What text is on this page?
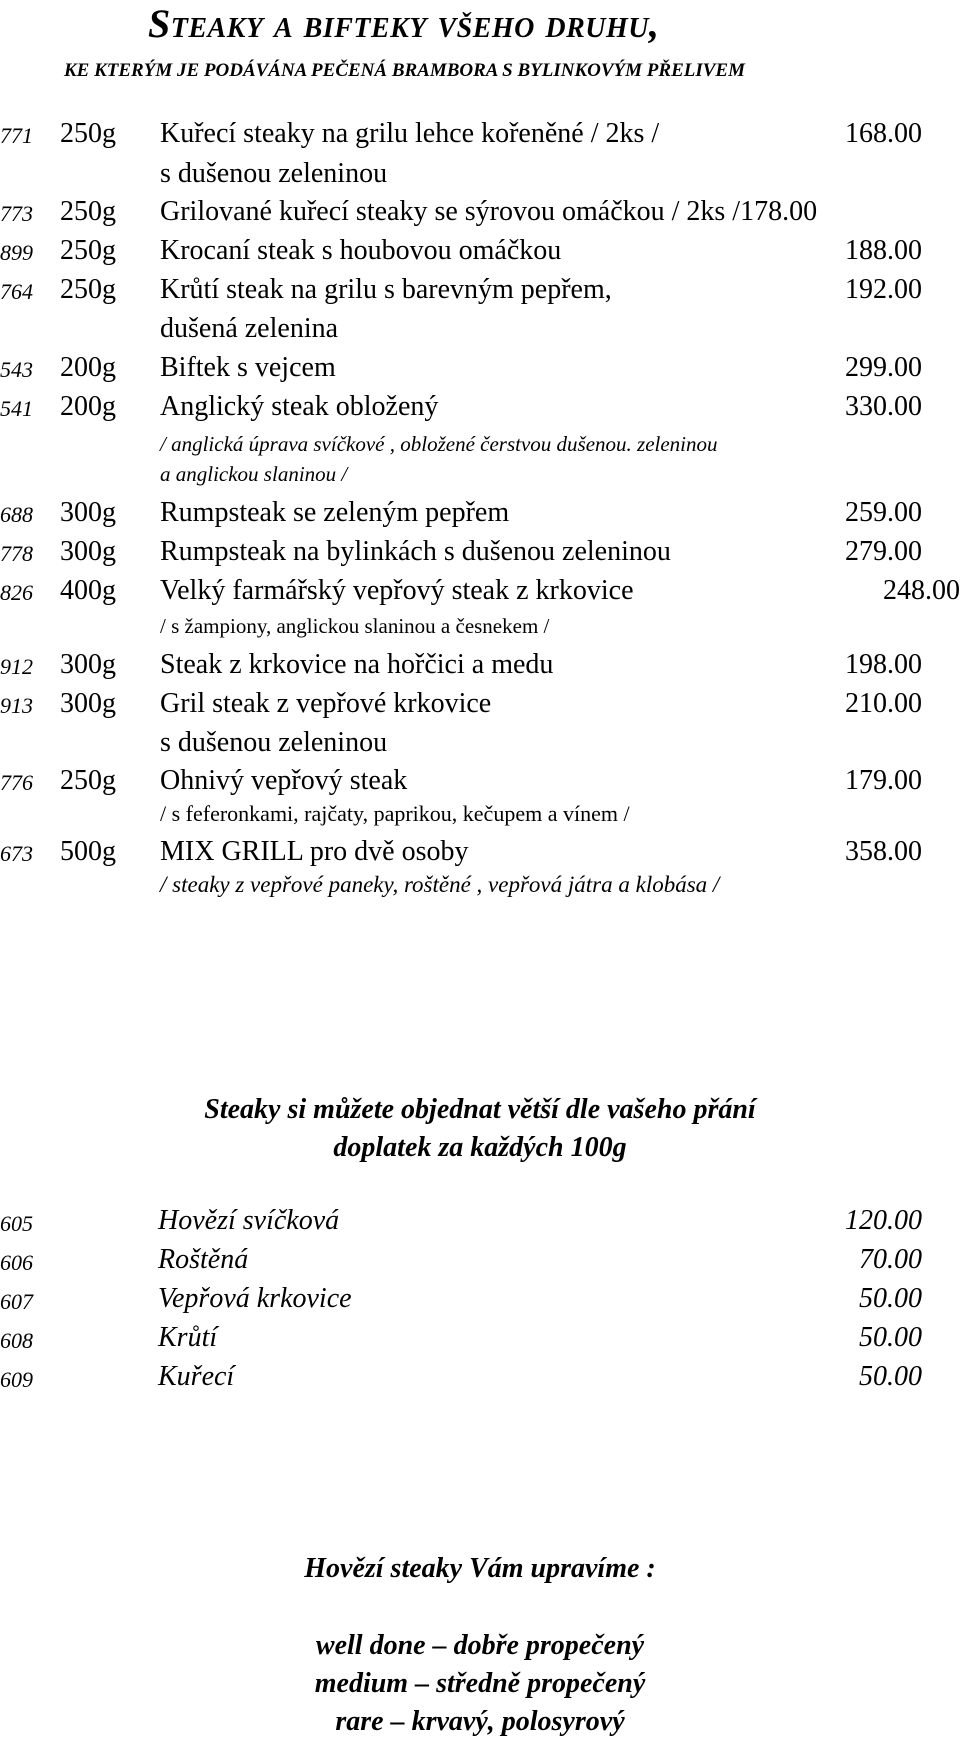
Steaky a bifteky všeho druhu,
KE KTERÝM JE PODÁVÁNA PEČENÁ BRAMBORA S BYLINKOVÝM PŘELIVEM
771 250g Kuřecí steaky na grilu lehce kořeněné / 2ks /	168.00
s dušenou zeleninou
773 250g Grilované kuřecí steaky se sýrovou omáčkou / 2ks /178.00
899 250g Krocaní steak s houbovou omáčkou	188.00
764 250g Krůtí steak na grilu s barevným pepřem,	192.00
dušená zelenina
543 200g Biftek s vejcem	299.00
541 200g Anglický steak obložený	330.00
/ anglická úprava svíčkové , obložené čerstvou dušenou. zeleninou
a anglickou slaninou /
688 300g Rumpsteak se zeleným pepřem	259.00
778 300g Rumpsteak na bylinkách s dušenou zeleninou	279.00
826 400g Velký farmářský vepřový steak z krkovice	248.00
/ s žampiony, anglickou slaninou a česnekem /
912 300g Steak z krkovice na hořčici a medu	198.00
913 300g Gril steak z vepřové krkovice	210.00
s dušenou zeleninou
776 250g Ohnivý vepřový steak	179.00
/ s feferonkami, rajčaty, paprikou, kečupem a vínem /
673 500g MIX GRILL pro dvě osoby	358.00
/ steaky z vepřové paneky, roštěné , vepřová játra a klobása /
Steaky si můžete objednat větší dle vašeho přání
doplatek za každých 100g
605	Hovězí svíčková	120.00
606	Roštěná	70.00
607	Vepřová krkovice	50.00
608	Krůtí	50.00
609	Kuřecí	50.00
Hovězí steaky Vám upravíme :
well done – dobře propečený
medium – středně propečený
rare – krvavý, polosyrový
